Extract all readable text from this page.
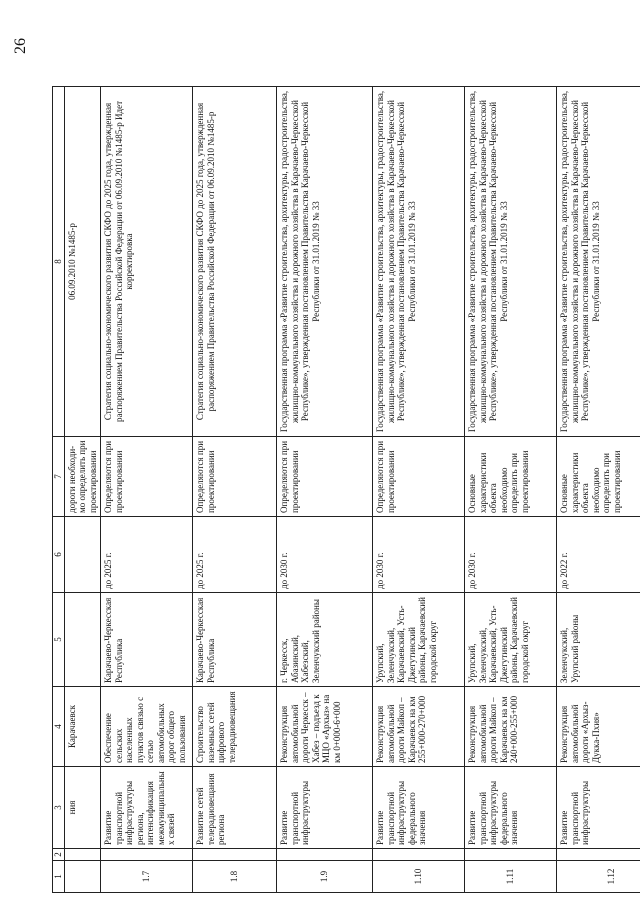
26
1	2	3	4	5	6	7	8
		ния	Карачаевск			дороги необходи-мо определить при проектировании	06.09.2010 №1485-р
1.7		Развитие транспортной инфраструктуры региона, интенсификация межмуниципальных связей	Обеспечение сельских населенных пунктов связью с сетью автомобильных дорог общего пользования	Карачаево-Черкесская Республика	до 2025 г.	Определяются при проектировании	Стратегия социально-экономического развития СКФО до 2025 года, утвержденная распоряжением Правительства Российской Федерации от 06.09.2010 №1485-р Идет корректировка
1.8		Развитие сетей телерадиовещания региона	Строительство наземных сетей цифрового телерадиовещания	Карачаево-Черкесская Республика	до 2025 г.	Определяются при проектировании	Стратегия социально-экономического развития СКФО до 2025 года, утвержденная распоряжением Правительства Российской Федерации от 06.09.2010 №1485-р
1.9		Развитие транспортной инфраструктуры	Реконструкция автомобильной дороги Черкесск – Хабез – подъезд к МЦО «Архыз» на км 0+000-6+000	г. Черкесск, Абазинский, Хабезский, Зеленчукский районы	до 2030 г.	Определяются при проектировании	Государственная программа «Развитие строительства, архитектуры, градостроительства, жилищно-коммунального хозяйства и дорожного хозяйства в Карачаево-Черкесской Республике», утвержденная постановлением Правительства Карачаево-Черкесской Республики от 31.01.2019 № 33
1.10		Развитие транспортной инфраструктуры федерального значения	Реконструкция автомобильной дороги Майкоп – Карачаевск на км 255+000-270+000	Урупский, Зеленчукский, Карачаевский, Усть-Джегутинский районы, Карачаевский городской округ	до 2030 г.	Определяются при проектировании	Государственная программа «Развитие строительства, архитектуры, градостроительства, жилищно-коммунального хозяйства и дорожного хозяйства в Карачаево-Черкесской Республике», утвержденная постановлением Правительства Карачаево-Черкесской Республики от 31.01.2019 № 33
1.11		Развитие транспортной инфраструктуры федерального значения	Реконструкция автомобильной дороги Майкоп – Карачаевск на км 240+000-255+000	Урупский, Зеленчукский, Карачаевский, Усть-Джегутинский районы, Карачаевский городской округ	до 2030 г.	Основные характеристики объекта необходимо определить при проектировании	Государственная программа «Развитие строительства, архитектуры, градостроительства, жилищно-коммунального хозяйства и дорожного хозяйства в Карачаево-Черкесской Республике», утвержденная постановлением Правительства Карачаево-Черкесской Республики от 31.01.2019 № 33
1.12		Развитие транспортной инфраструктуры	Реконструкция автомобильной дороги «Архыз-Дукка-Пхия»	Зеленчукский, Урупский районы	до 2022 г.	Основные характеристики объекта необходимо определить при проектировании	Государственная программа «Развитие строительства, архитектуры, градостроительства, жилищно-коммунального хозяйства и дорожного хозяйства в Карачаево-Черкесской Республике», утвержденная постановлением Правительства Карачаево-Черкесской Республики от 31.01.2019 № 33
